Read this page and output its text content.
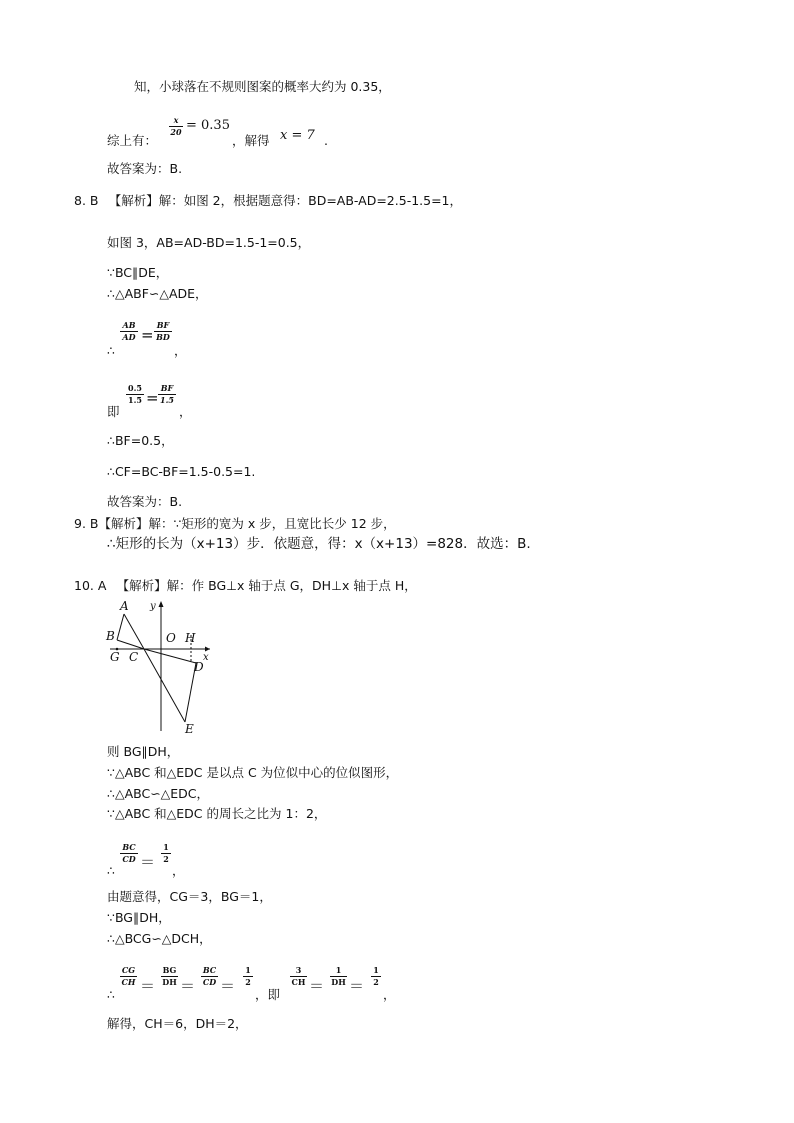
知，小球落在不规则图案的概率大约为 0.35，
综上有：
$\frac{x}{20} = 0.35$
，解得 x = 7 .
故答案为：B.
8. B 　【解析】解：如图 2，根据题意得：BD=AB-AD=2.5-1.5=1，
如图 3，AB=AD-BD=1.5-1=0.5，
∵BC∥DE，
∴△ABF∽△ADE，
∴
$\frac{AB}{AD} = \frac{BF}{BD}$
，
即
$\frac{0.5}{1.5} = \frac{BF}{1.5}$
，
∴BF=0.5，
∴CF=BC-BF=1.5-0.5=1.
故答案为：B.
9. B【解析】解：∵矩形的宽为 x 步，且宽比长少 12 步，
∴矩形的长为（x+13）步．依题意，得：x（x+13）=828．故选：B.
10. A 　【解析】解：作 BG⊥x 轴于点 G，DH⊥x 轴于点 H，
A
B
G C
O H
D
E
x
y
则 BG∥DH，
∵△ABC 和△EDC 是以点 C 为位似中心的位似图形，
∴△ABC∽△EDC，
∵△ABC 和△EDC 的周长之比为 1：2，
∴
$\frac{BC}{CD} = \frac{1}{2}$
，
由题意得，CG＝3，BG＝1，
∵BG∥DH，
∴△BCG∽△DCH，
∴
$\frac{CG}{CH} = \frac{BG}{DH} = \frac{BC}{CD} = \frac{1}{2}$
，即
$\frac{3}{CH} = \frac{1}{DH} = \frac{1}{2}$
，
解得，CH＝6，DH＝2，
